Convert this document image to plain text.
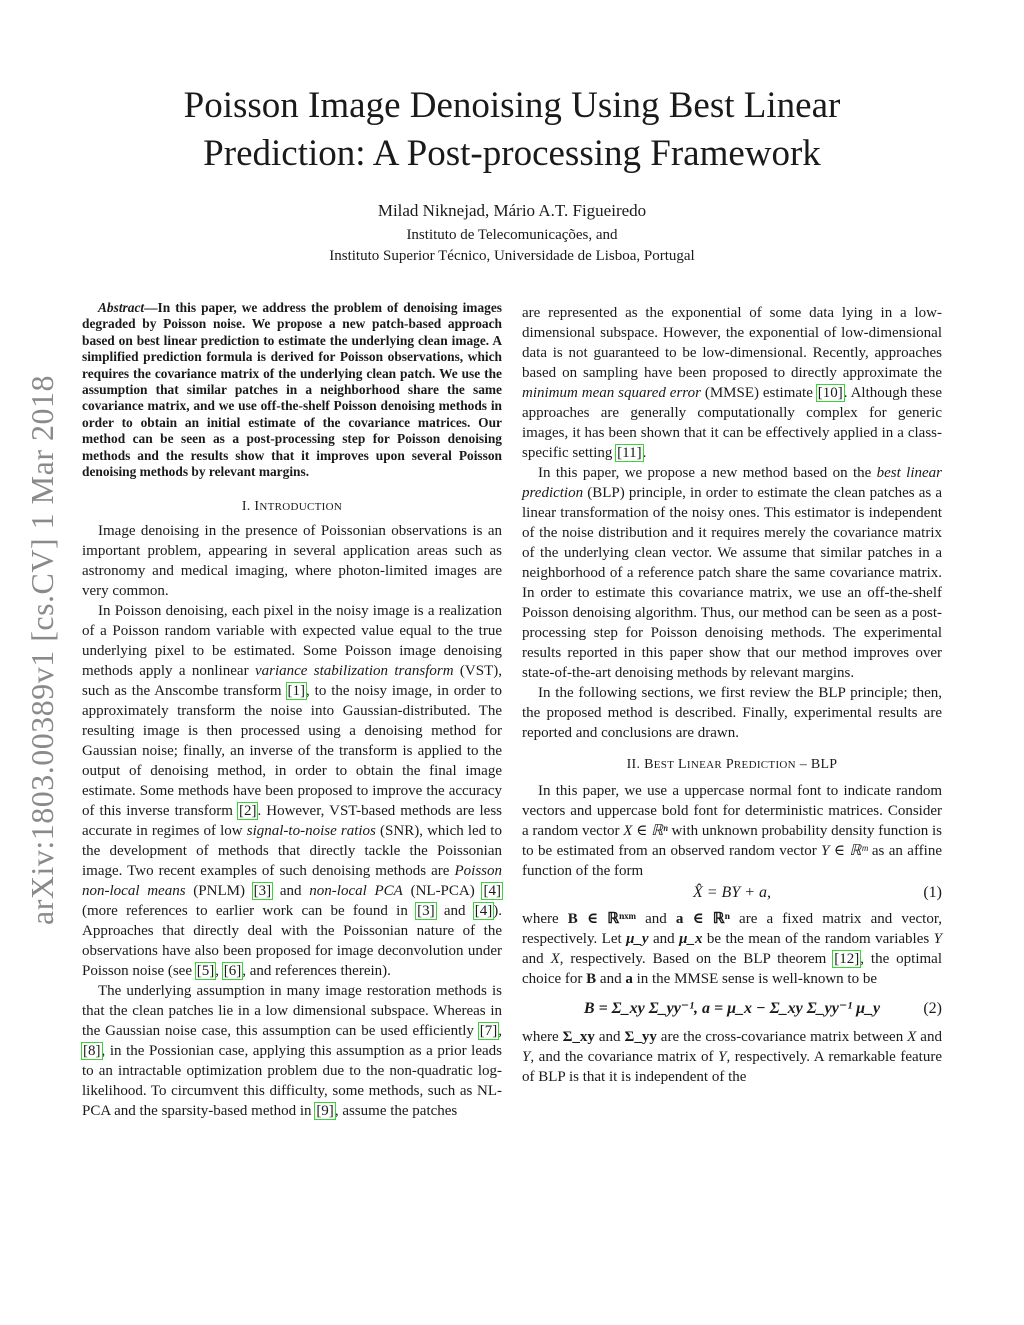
arXiv:1803.00389v1 [cs.CV] 1 Mar 2018
Poisson Image Denoising Using Best Linear
Prediction: A Post-processing Framework
Milad Niknejad, Mário A.T. Figueiredo
Instituto de Telecomunicações, and
Instituto Superior Técnico, Universidade de Lisboa, Portugal

Abstract—In this paper, we address the problem of denoising images degraded by Poisson noise. We propose a new patch-based approach based on best linear prediction to estimate the underlying clean image. A simplified prediction formula is derived for Poisson observations, which requires the covariance matrix of the underlying clean patch. We use the assumption that similar patches in a neighborhood share the same covariance matrix, and we use off-the-shelf Poisson denoising methods in order to obtain an initial estimate of the covariance matrices. Our method can be seen as a post-processing step for Poisson denoising methods and the results show that it improves upon several Poisson denoising methods by relevant margins.

I. INTRODUCTION

Image denoising in the presence of Poissonian observations is an important problem, appearing in several application areas such as astronomy and medical imaging, where photon-limited images are very common.

In Poisson denoising, each pixel in the noisy image is a realization of a Poisson random variable with expected value equal to the true underlying pixel to be estimated. Some Poisson image denoising methods apply a nonlinear variance stabilization transform (VST), such as the Anscombe transform [1], to the noisy image, in order to approximately transform the noise into Gaussian-distributed. The resulting image is then processed using a denoising method for Gaussian noise; finally, an inverse of the transform is applied to the output of denoising method, in order to obtain the final image estimate. Some methods have been proposed to improve the accuracy of this inverse transform [2]. However, VST-based methods are less accurate in regimes of low signal-to-noise ratios (SNR), which led to the development of methods that directly tackle the Poissonian image. Two recent examples of such denoising methods are Poisson non-local means (PNLM) [3] and non-local PCA (NL-PCA) [4] (more references to earlier work can be found in [3] and [4]). Approaches that directly deal with the Poissonian nature of the observations have also been proposed for image deconvolution under Poisson noise (see [5], [6], and references therein).

The underlying assumption in many image restoration methods is that the clean patches lie in a low dimensional subspace. Whereas in the Gaussian noise case, this assumption can be used efficiently [7], [8], in the Possionian case, applying this assumption as a prior leads to an intractable optimization problem due to the non-quadratic log-likelihood. To circumvent this difficulty, some methods, such as NL-PCA and the sparsity-based method in [9], assume the patches

are represented as the exponential of some data lying in a low-dimensional subspace. However, the exponential of low-dimensional data is not guaranteed to be low-dimensional. Recently, approaches based on sampling have been proposed to directly approximate the minimum mean squared error (MMSE) estimate [10]. Although these approaches are generally computationally complex for generic images, it has been shown that it can be effectively applied in a class-specific setting [11].

In this paper, we propose a new method based on the best linear prediction (BLP) principle, in order to estimate the clean patches as a linear transformation of the noisy ones. This estimator is independent of the noise distribution and it requires merely the covariance matrix of the underlying clean vector. We assume that similar patches in a neighborhood of a reference patch share the same covariance matrix. In order to estimate this covariance matrix, we use an off-the-shelf Poisson denoising algorithm. Thus, our method can be seen as a post-processing step for Poisson denoising methods. The experimental results reported in this paper show that our method improves over state-of-the-art denoising methods by relevant margins.

In the following sections, we first review the BLP principle; then, the proposed method is described. Finally, experimental results are reported and conclusions are drawn.

II. BEST LINEAR PREDICTION – BLP

In this paper, we use a uppercase normal font to indicate random vectors and uppercase bold font for deterministic matrices. Consider a random vector X ∈ ℝⁿ with unknown probability density function is to be estimated from an observed random vector Y ∈ ℝᵐ as an affine function of the form

X̂ = BY + a,	(1)

where B ∈ ℝⁿˣᵐ and a ∈ ℝⁿ are a fixed matrix and vector, respectively. Let μ_y and μ_x be the mean of the random variables Y and X, respectively. Based on the BLP theorem [12], the optimal choice for B and a in the MMSE sense is well-known to be

B = Σ_xy Σ_yy⁻¹, a = μ_x − Σ_xy Σ_yy⁻¹ μ_y	(2)

where Σ_xy and Σ_yy are the cross-covariance matrix between X and Y, and the covariance matrix of Y, respectively. A remarkable feature of BLP is that it is independent of the
